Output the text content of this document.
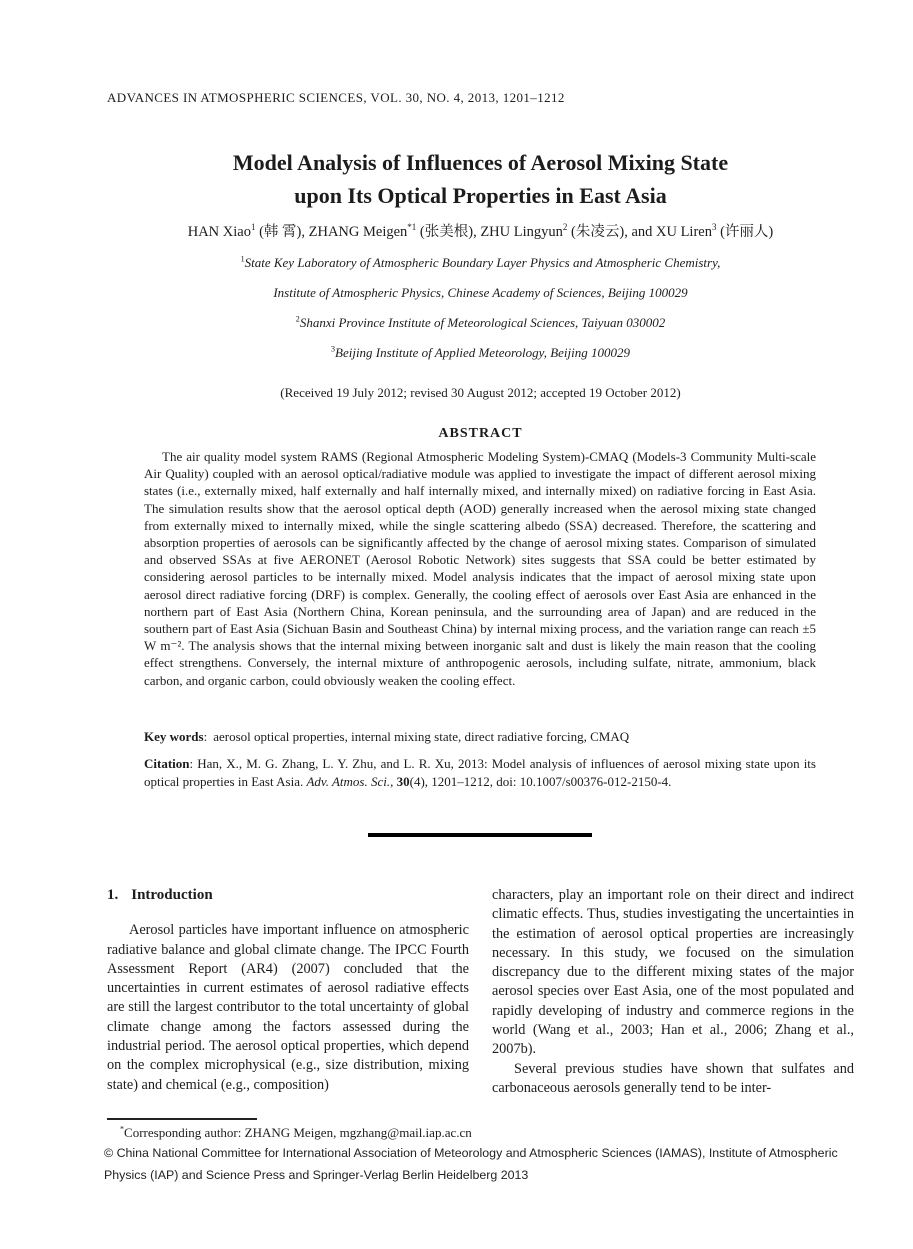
ADVANCES IN ATMOSPHERIC SCIENCES, VOL. 30, NO. 4, 2013, 1201–1212
Model Analysis of Influences of Aerosol Mixing State
upon Its Optical Properties in East Asia
HAN Xiao$^1$ (韩 霄), ZHANG Meigen$^{*1}$ (张美根), ZHU Lingyun$^2$ (朱凌云), and XU Liren$^3$ (许丽人)
$^1$State Key Laboratory of Atmospheric Boundary Layer Physics and Atmospheric Chemistry,
Institute of Atmospheric Physics, Chinese Academy of Sciences, Beijing 100029
$^2$Shanxi Province Institute of Meteorological Sciences, Taiyuan 030002
$^3$Beijing Institute of Applied Meteorology, Beijing 100029
(Received 19 July 2012; revised 30 August 2012; accepted 19 October 2012)
ABSTRACT

The air quality model system RAMS (Regional Atmospheric Modeling System)-CMAQ (Models-3 Community Multi-scale Air Quality) coupled with an aerosol optical/radiative module was applied to investigate the impact of different aerosol mixing states (i.e., externally mixed, half externally and half internally mixed, and internally mixed) on radiative forcing in East Asia. The simulation results show that the aerosol optical depth (AOD) generally increased when the aerosol mixing state changed from externally mixed to internally mixed, while the single scattering albedo (SSA) decreased. Therefore, the scattering and absorption properties of aerosols can be significantly affected by the change of aerosol mixing states. Comparison of simulated and observed SSAs at five AERONET (Aerosol Robotic Network) sites suggests that SSA could be better estimated by considering aerosol particles to be internally mixed. Model analysis indicates that the impact of aerosol mixing state upon aerosol direct radiative forcing (DRF) is complex. Generally, the cooling effect of aerosols over East Asia are enhanced in the northern part of East Asia (Northern China, Korean peninsula, and the surrounding area of Japan) and are reduced in the southern part of East Asia (Sichuan Basin and Southeast China) by internal mixing process, and the variation range can reach ±5 W m⁻². The analysis shows that the internal mixing between inorganic salt and dust is likely the main reason that the cooling effect strengthens. Conversely, the internal mixture of anthropogenic aerosols, including sulfate, nitrate, ammonium, black carbon, and organic carbon, could obviously weaken the cooling effect.

Key words: aerosol optical properties, internal mixing state, direct radiative forcing, CMAQ
Citation: Han, X., M. G. Zhang, L. Y. Zhu, and L. R. Xu, 2013: Model analysis of influences of aerosol mixing state upon its optical properties in East Asia. Adv. Atmos. Sci., 30(4), 1201–1212, doi: 10.1007/s00376-012-2150-4.
1. Introduction

Aerosol particles have important influence on atmospheric radiative balance and global climate change. The IPCC Fourth Assessment Report (AR4) (2007) concluded that the uncertainties in current estimates of aerosol radiative effects are still the largest contributor to the total uncertainty of global climate change among the factors assessed during the industrial period. The aerosol optical properties, which depend on the complex microphysical (e.g., size distribution, mixing state) and chemical (e.g., composition)

characters, play an important role on their direct and indirect climatic effects. Thus, studies investigating the uncertainties in the estimation of aerosol optical properties are increasingly necessary. In this study, we focused on the simulation discrepancy due to the different mixing states of the major aerosol species over East Asia, one of the most populated and rapidly developing of industry and commerce regions in the world (Wang et al., 2003; Han et al., 2006; Zhang et al., 2007b).

Several previous studies have shown that sulfates and carbonaceous aerosols generally tend to be inter-

*Corresponding author: ZHANG Meigen, mgzhang@mail.iap.ac.cn
© China National Committee for International Association of Meteorology and Atmospheric Sciences (IAMAS), Institute of Atmospheric Physics (IAP) and Science Press and Springer-Verlag Berlin Heidelberg 2013
